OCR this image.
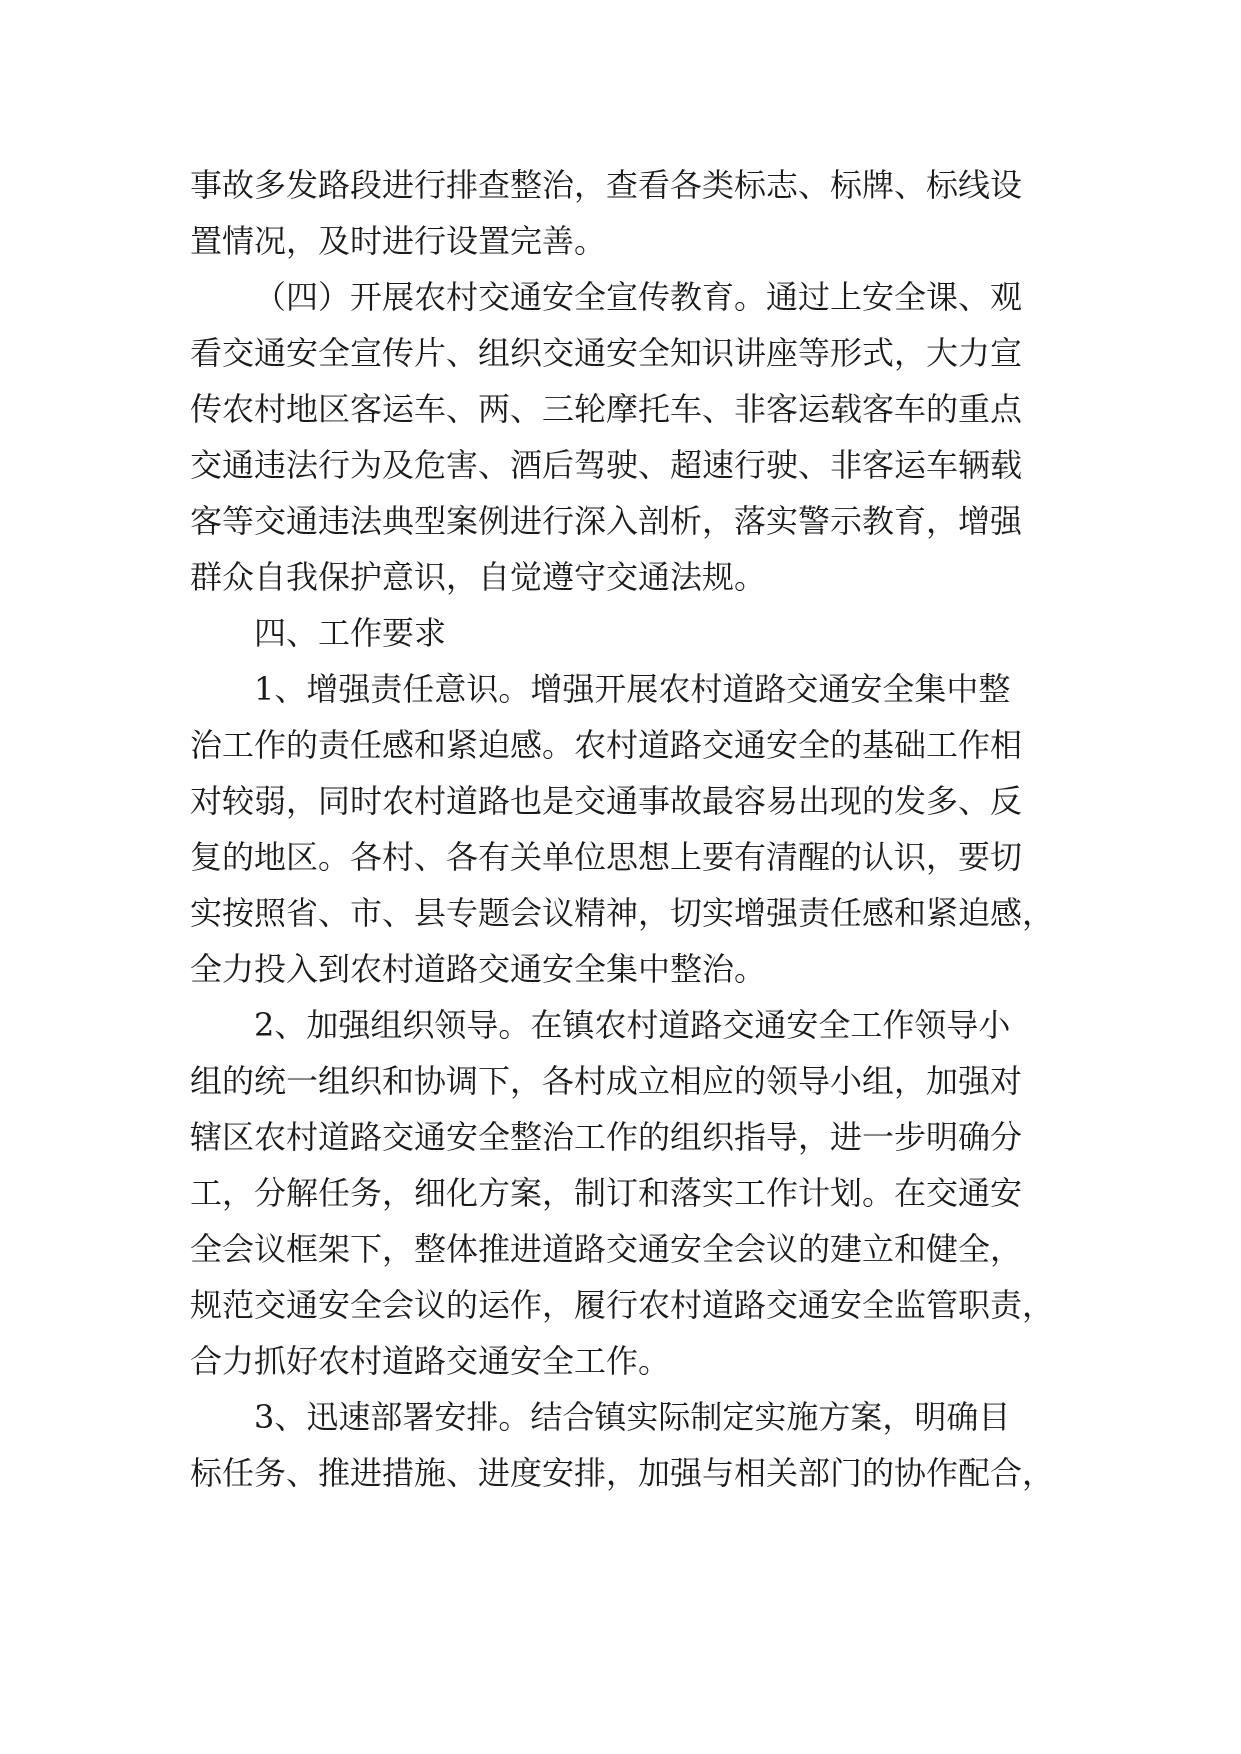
事故多发路段进行排查整治，查看各类标志、标牌、标线设
置情况，及时进行设置完善。
（四）开展农村交通安全宣传教育。通过上安全课、观
看交通安全宣传片、组织交通安全知识讲座等形式，大力宣
传农村地区客运车、两、三轮摩托车、非客运载客车的重点
交通违法行为及危害、酒后驾驶、超速行驶、非客运车辆载
客等交通违法典型案例进行深入剖析，落实警示教育，增强
群众自我保护意识，自觉遵守交通法规。
四、工作要求
1、增强责任意识。增强开展农村道路交通安全集中整
治工作的责任感和紧迫感。农村道路交通安全的基础工作相
对较弱，同时农村道路也是交通事故最容易出现的发多、反
复的地区。各村、各有关单位思想上要有清醒的认识，要切
实按照省、市、县专题会议精神，切实增强责任感和紧迫感，
全力投入到农村道路交通安全集中整治。
2、加强组织领导。在镇农村道路交通安全工作领导小
组的统一组织和协调下，各村成立相应的领导小组，加强对
辖区农村道路交通安全整治工作的组织指导，进一步明确分
工，分解任务，细化方案，制订和落实工作计划。在交通安
全会议框架下，整体推进道路交通安全会议的建立和健全，
规范交通安全会议的运作，履行农村道路交通安全监管职责，
合力抓好农村道路交通安全工作。
3、迅速部署安排。结合镇实际制定实施方案，明确目
标任务、推进措施、进度安排，加强与相关部门的协作配合，
